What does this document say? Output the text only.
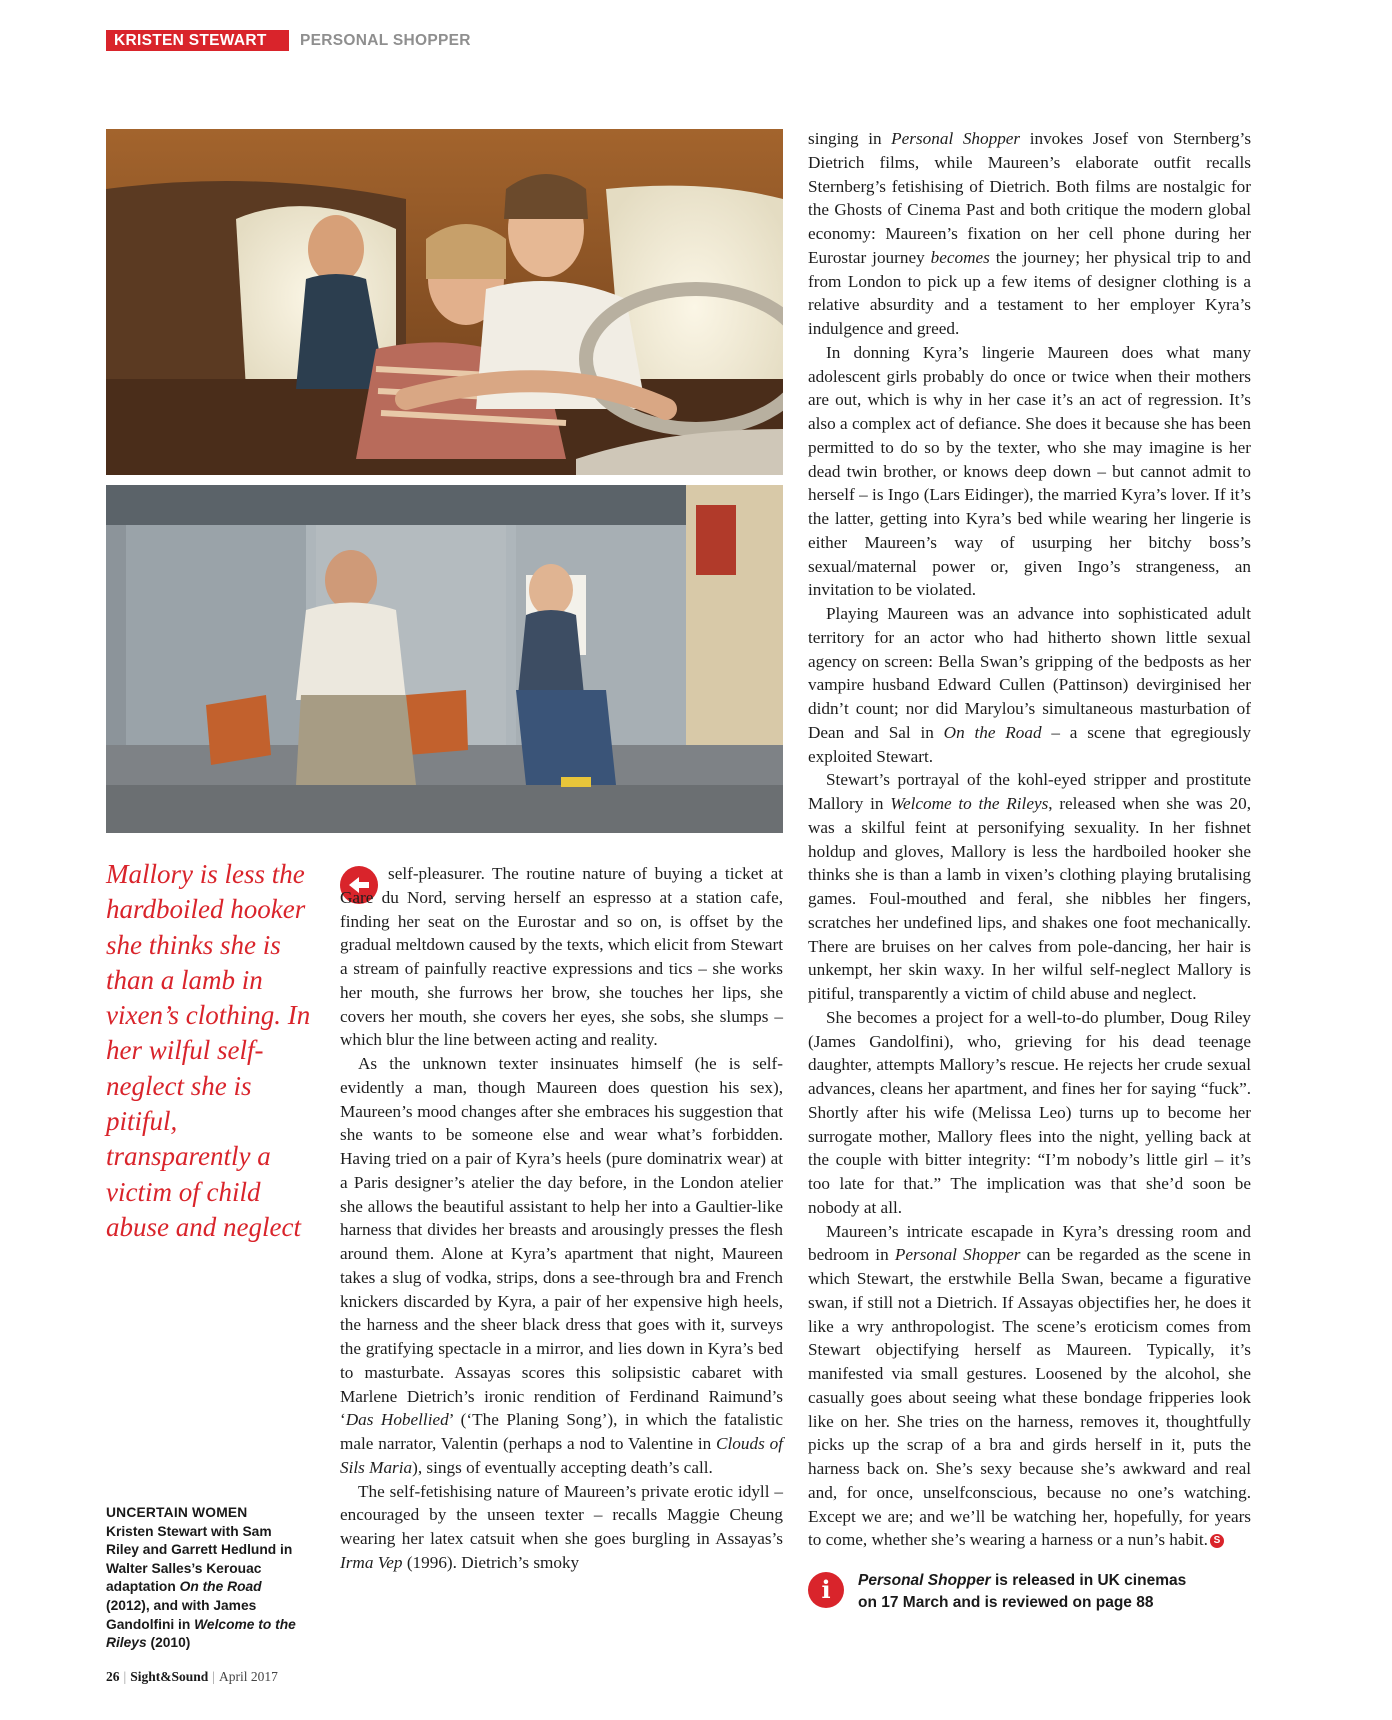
KRISTEN STEWART	PERSONAL SHOPPER
Mallory is less the hardboiled hooker she thinks she is than a lamb in vixen’s clothing. In her wilful self-neglect she is pitiful, transparently a victim of child abuse and neglect
UNCERTAIN WOMEN
Kristen Stewart with Sam Riley and Garrett Hedlund in Walter Salles’s Kerouac adaptation On the Road (2012), and with James Gandolfini in Welcome to the Rileys (2010)

self-pleasurer. The routine nature of buying a ticket at Gare du Nord, serving herself an espresso at a station cafe, finding her seat on the Eurostar and so on, is offset by the gradual meltdown caused by the texts, which elicit from Stewart a stream of painfully reactive expressions and tics – she works her mouth, she furrows her brow, she touches her lips, she covers her mouth, she covers her eyes, she sobs, she slumps – which blur the line between acting and reality.

As the unknown texter insinuates himself (he is self-evidently a man, though Maureen does question his sex), Maureen’s mood changes after she embraces his suggestion that she wants to be someone else and wear what’s forbidden. Having tried on a pair of Kyra’s heels (pure dominatrix wear) at a Paris designer’s atelier the day before, in the London atelier she allows the beautiful assistant to help her into a Gaultier-like harness that divides her breasts and arousingly presses the flesh around them. Alone at Kyra’s apartment that night, Maureen takes a slug of vodka, strips, dons a see-through bra and French knickers discarded by Kyra, a pair of her expensive high heels, the harness and the sheer black dress that goes with it, surveys the gratifying spectacle in a mirror, and lies down in Kyra’s bed to masturbate. Assayas scores this solipsistic cabaret with Marlene Dietrich’s ironic rendition of Ferdinand Raimund’s ‘Das Hobellied’ (‘The Planing Song’), in which the fatalistic male narrator, Valentin (perhaps a nod to Valentine in Clouds of Sils Maria), sings of eventually accepting death’s call.

The self-fetishising nature of Maureen’s private erotic idyll – encouraged by the unseen texter – recalls Maggie Cheung wearing her latex catsuit when she goes burgling in Assayas’s Irma Vep (1996). Dietrich’s smoky

singing in Personal Shopper invokes Josef von Sternberg’s Dietrich films, while Maureen’s elaborate outfit recalls Sternberg’s fetishising of Dietrich. Both films are nostalgic for the Ghosts of Cinema Past and both critique the modern global economy: Maureen’s fixation on her cell phone during her Eurostar journey becomes the journey; her physical trip to and from London to pick up a few items of designer clothing is a relative absurdity and a testament to her employer Kyra’s indulgence and greed.

In donning Kyra’s lingerie Maureen does what many adolescent girls probably do once or twice when their mothers are out, which is why in her case it’s an act of regression. It’s also a complex act of defiance. She does it because she has been permitted to do so by the texter, who she may imagine is her dead twin brother, or knows deep down – but cannot admit to herself – is Ingo (Lars Eidinger), the married Kyra’s lover. If it’s the latter, getting into Kyra’s bed while wearing her lingerie is either Maureen’s way of usurping her bitchy boss’s sexual/maternal power or, given Ingo’s strangeness, an invitation to be violated.

Playing Maureen was an advance into sophisticated adult territory for an actor who had hitherto shown little sexual agency on screen: Bella Swan’s gripping of the bedposts as her vampire husband Edward Cullen (Pattinson) devirginised her didn’t count; nor did Marylou’s simultaneous masturbation of Dean and Sal in On the Road – a scene that egregiously exploited Stewart.

Stewart’s portrayal of the kohl-eyed stripper and prostitute Mallory in Welcome to the Rileys, released when she was 20, was a skilful feint at personifying sexuality. In her fishnet holdup and gloves, Mallory is less the hardboiled hooker she thinks she is than a lamb in vixen’s clothing playing brutalising games. Foul-mouthed and feral, she nibbles her fingers, scratches her undefined lips, and shakes one foot mechanically. There are bruises on her calves from pole-dancing, her hair is unkempt, her skin waxy. In her wilful self-neglect Mallory is pitiful, transparently a victim of child abuse and neglect.

She becomes a project for a well-to-do plumber, Doug Riley (James Gandolfini), who, grieving for his dead teenage daughter, attempts Mallory’s rescue. He rejects her crude sexual advances, cleans her apartment, and fines her for saying “fuck”. Shortly after his wife (Melissa Leo) turns up to become her surrogate mother, Mallory flees into the night, yelling back at the couple with bitter integrity: “I’m nobody’s little girl – it’s too late for that.” The implication was that she’d soon be nobody at all.

Maureen’s intricate escapade in Kyra’s dressing room and bedroom in Personal Shopper can be regarded as the scene in which Stewart, the erstwhile Bella Swan, became a figurative swan, if still not a Dietrich. If Assayas objectifies her, he does it like a wry anthropologist. The scene’s eroticism comes from Stewart objectifying herself as Maureen. Typically, it’s manifested via small gestures. Loosened by the alcohol, she casually goes about seeing what these bondage fripperies look like on her. She tries on the harness, removes it, thoughtfully picks up the scrap of a bra and girds herself in it, puts the harness back on. She’s sexy because she’s awkward and real and, for once, unselfconscious, because no one’s watching. Except we are; and we’ll be watching her, hopefully, for years to come, whether she’s wearing a harness or a nun’s habit. S

i	Personal Shopper is released in UK cinemas
on 17 March and is reviewed on page 88
26 | Sight&Sound | April 2017
